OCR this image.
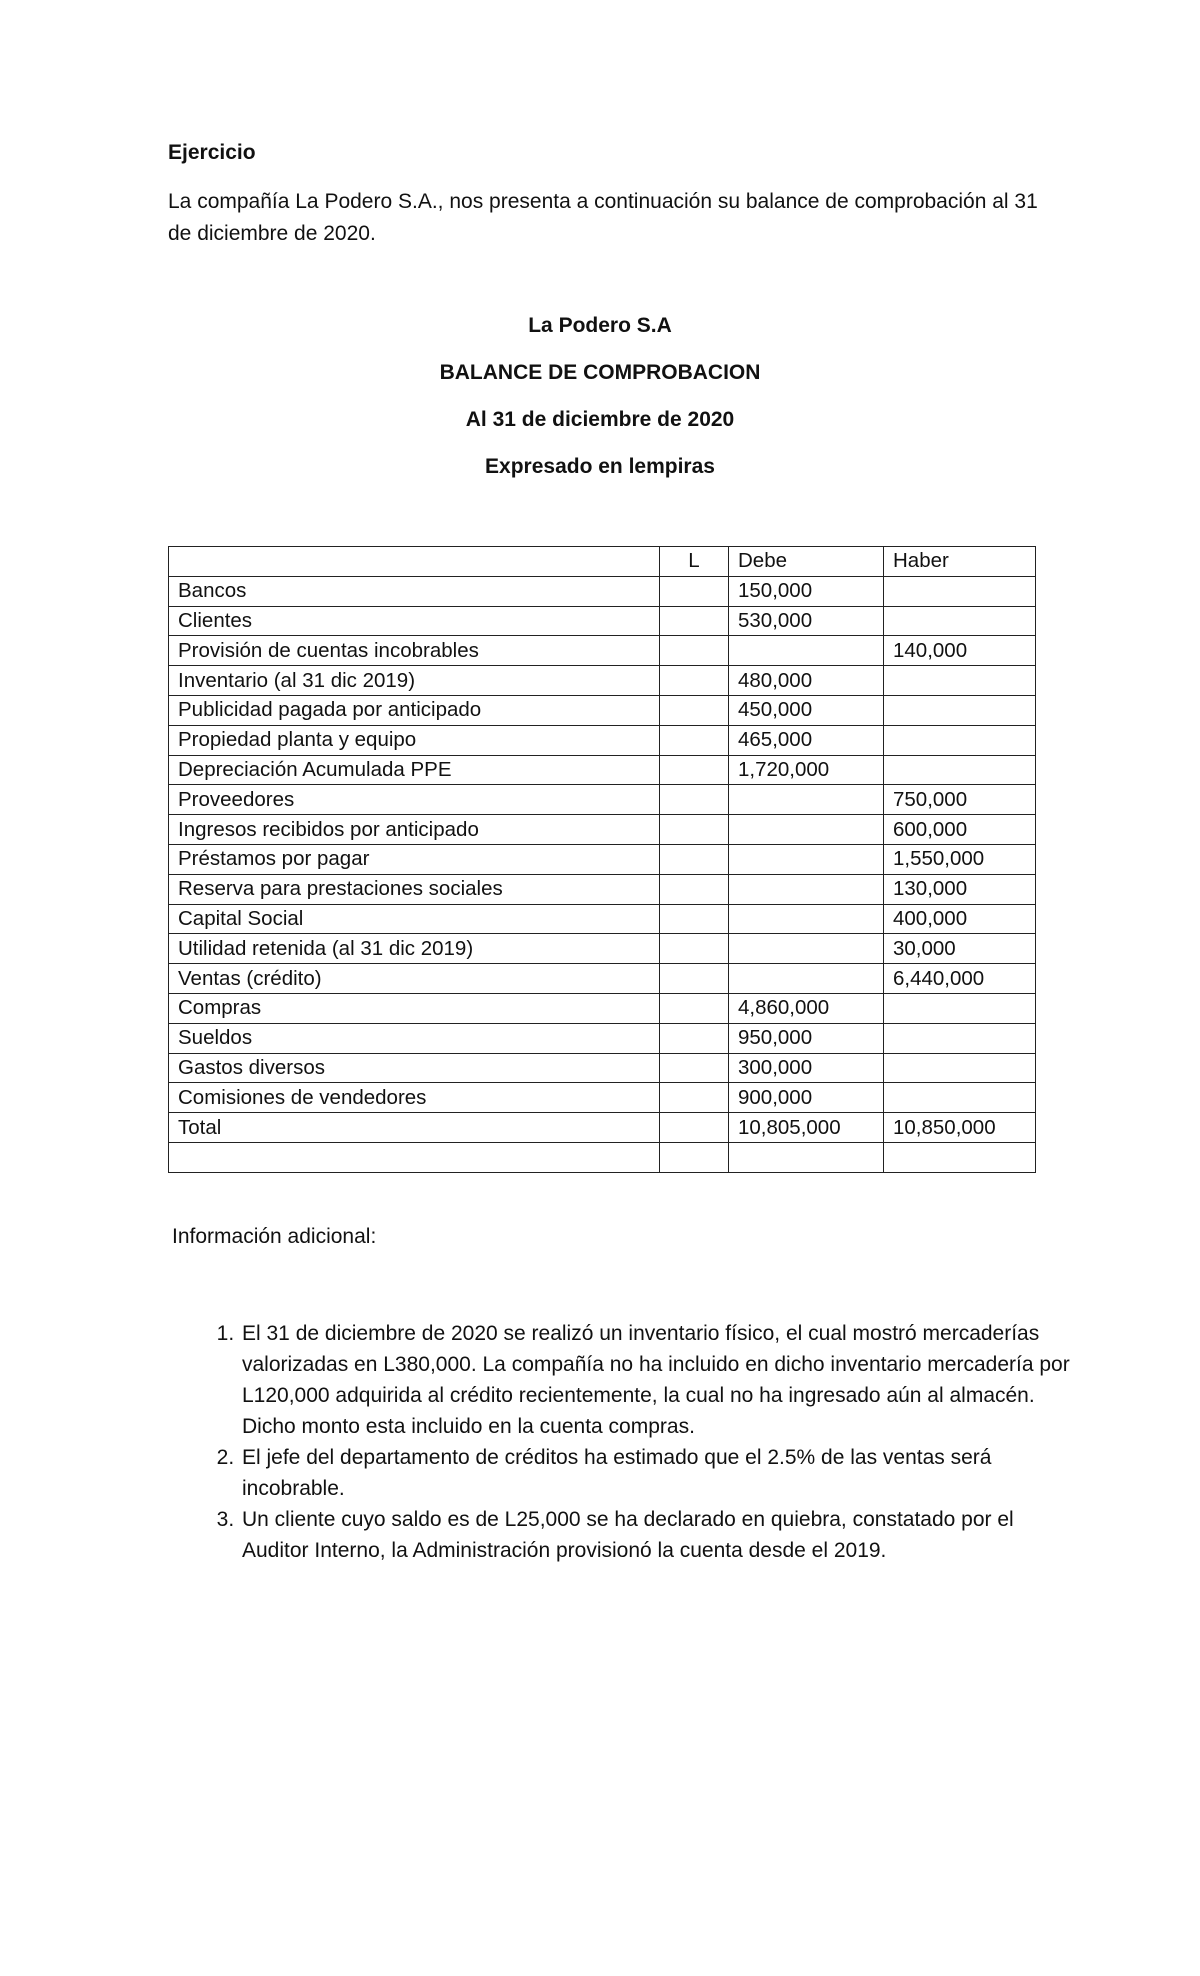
Ejercicio
La compañía La Podero S.A., nos presenta a continuación su balance de comprobación al 31 de diciembre de 2020.
La Podero S.A
BALANCE DE COMPROBACION
Al 31 de diciembre de 2020
Expresado en lempiras
	L	Debe	Haber
Bancos		150,000	
Clientes		530,000	
Provisión de cuentas incobrables			140,000
Inventario (al 31 dic 2019)		480,000	
Publicidad pagada por anticipado		450,000	
Propiedad planta y equipo		465,000	
Depreciación Acumulada PPE		1,720,000	
Proveedores			750,000
Ingresos recibidos por anticipado			600,000
Préstamos por pagar			1,550,000
Reserva para prestaciones sociales			130,000
Capital Social			400,000
Utilidad retenida (al 31 dic 2019)			30,000
Ventas (crédito)			6,440,000
Compras		4,860,000	
Sueldos		950,000	
Gastos diversos		300,000	
Comisiones de vendedores		900,000	
Total		10,805,000	10,850,000

Información adicional:
1. El 31 de diciembre de 2020 se realizó un inventario físico, el cual mostró mercaderías valorizadas en L380,000. La compañía no ha incluido en dicho inventario mercadería por L120,000 adquirida al crédito recientemente, la cual no ha ingresado aún al almacén. Dicho monto esta incluido en la cuenta compras.
2. El jefe del departamento de créditos ha estimado que el 2.5% de las ventas será incobrable.
3. Un cliente cuyo saldo es de L25,000 se ha declarado en quiebra, constatado por el Auditor Interno, la Administración provisionó la cuenta desde el 2019.
